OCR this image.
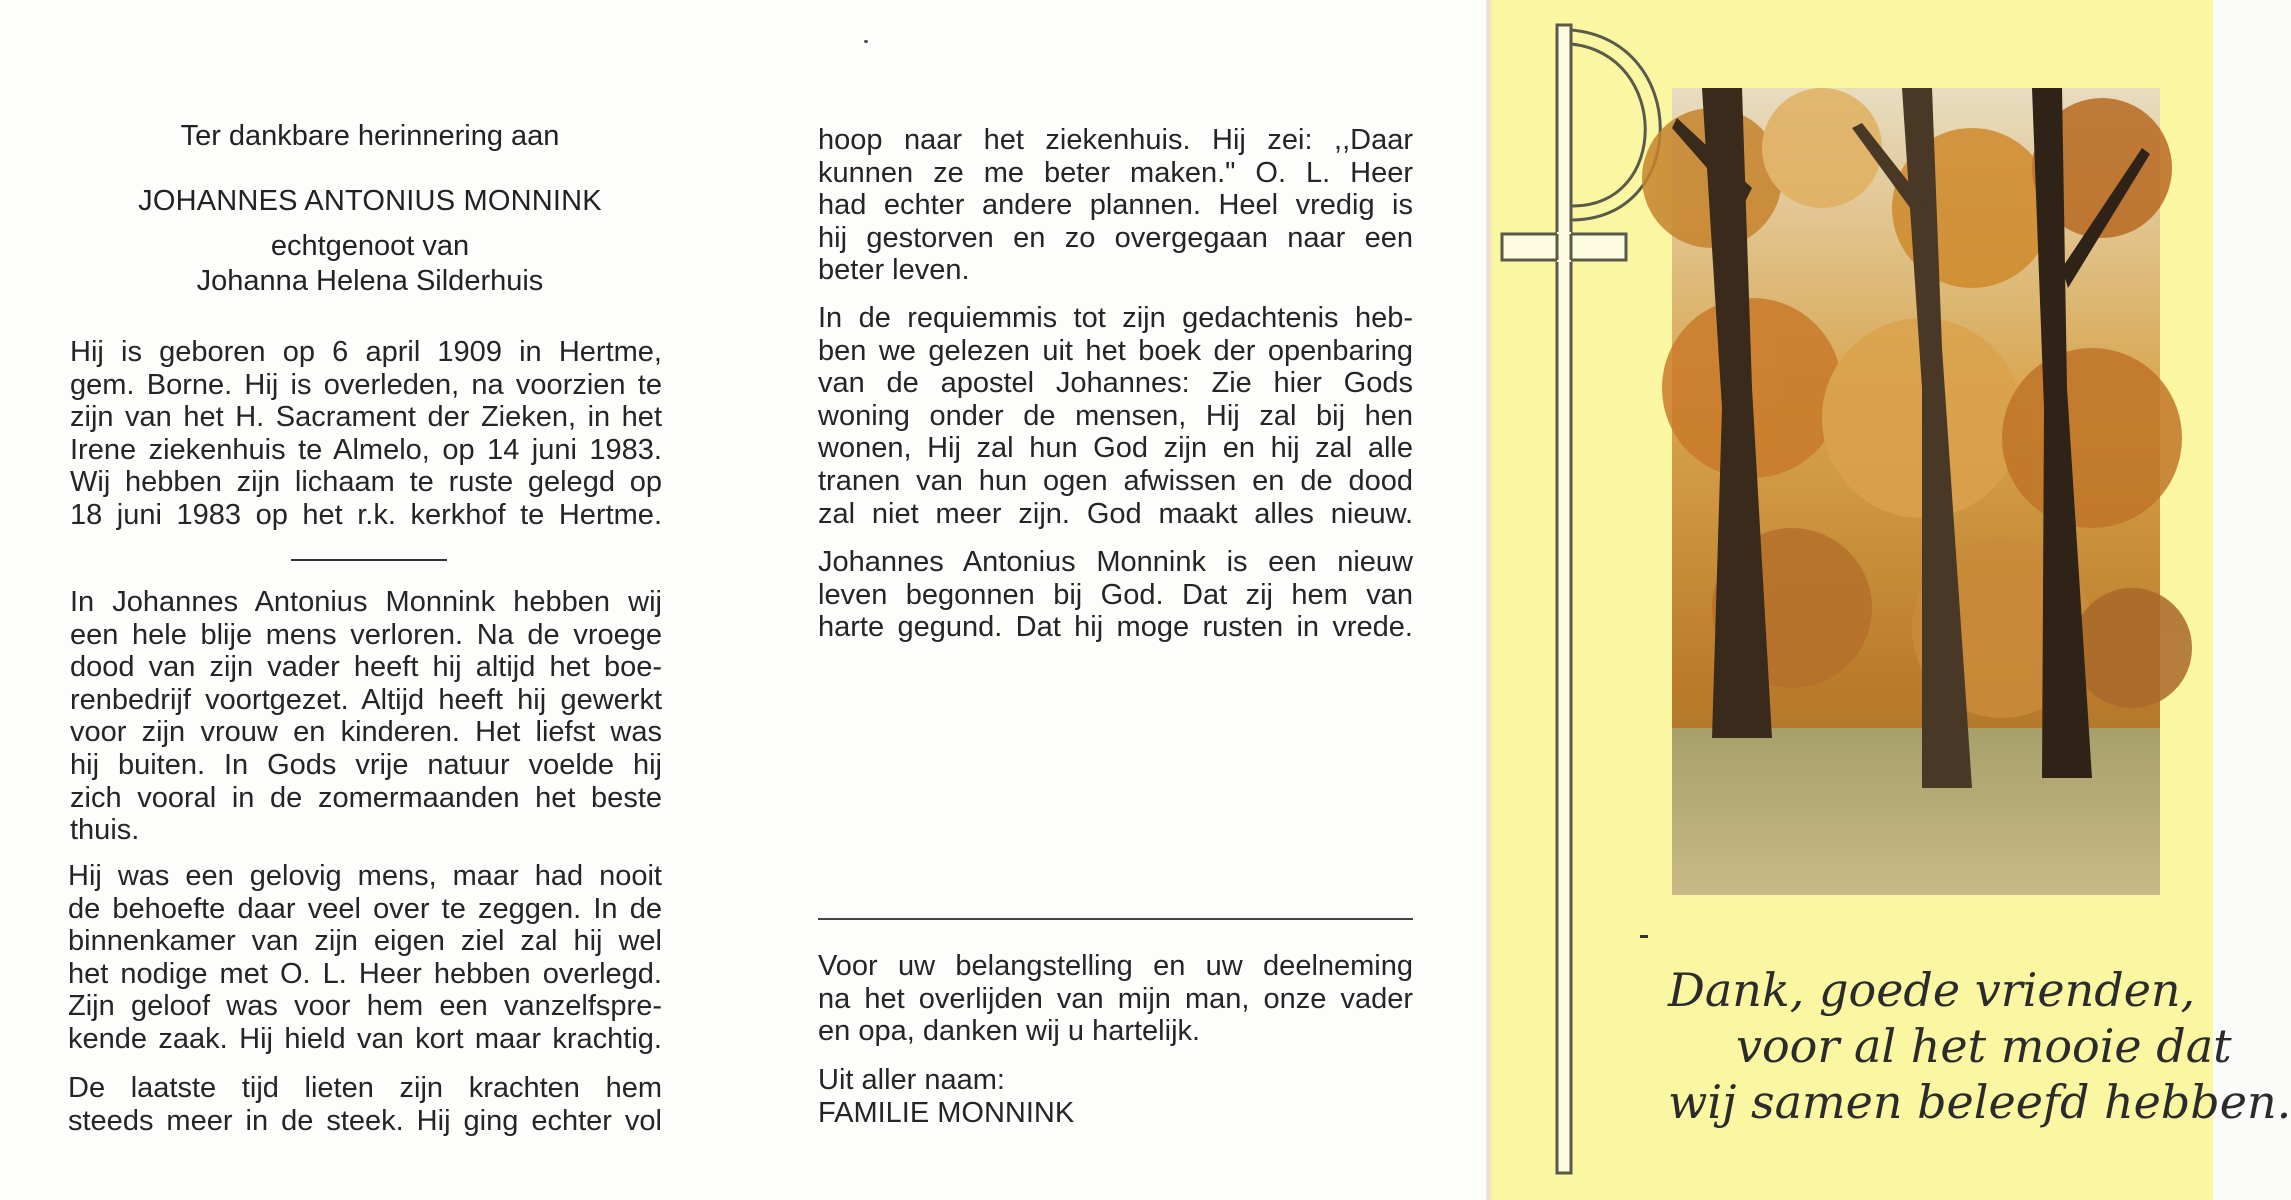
Ter dankbare herinnering aan
JOHANNES ANTONIUS MONNINK
echtgenoot van
Johanna Helena Silderhuis
Hij is geboren op 6 april 1909 in Hertme,
gem. Borne. Hij is overleden, na voorzien te
zijn van het H. Sacrament der Zieken, in het
Irene ziekenhuis te Almelo, op 14 juni 1983.
Wij hebben zijn lichaam te ruste gelegd op
18 juni 1983 op het r.k. kerkhof te Hertme.
In Johannes Antonius Monnink hebben wij
een hele blije mens verloren. Na de vroege
dood van zijn vader heeft hij altijd het boe-
renbedrijf voortgezet. Altijd heeft hij gewerkt
voor zijn vrouw en kinderen. Het liefst was
hij buiten. In Gods vrije natuur voelde hij
zich vooral in de zomermaanden het beste
thuis.
Hij was een gelovig mens, maar had nooit
de behoefte daar veel over te zeggen. In de
binnenkamer van zijn eigen ziel zal hij wel
het nodige met O. L. Heer hebben overlegd.
Zijn geloof was voor hem een vanzelfspre-
kende zaak. Hij hield van kort maar krachtig.
De laatste tijd lieten zijn krachten hem
steeds meer in de steek. Hij ging echter vol
hoop naar het ziekenhuis. Hij zei: ,,Daar
kunnen ze me beter maken." O. L. Heer
had echter andere plannen. Heel vredig is
hij gestorven en zo overgegaan naar een
beter leven.
In de requiemmis tot zijn gedachtenis heb-
ben we gelezen uit het boek der openbaring
van de apostel Johannes: Zie hier Gods
woning onder de mensen, Hij zal bij hen
wonen, Hij zal hun God zijn en hij zal alle
tranen van hun ogen afwissen en de dood
zal niet meer zijn. God maakt alles nieuw.
Johannes Antonius Monnink is een nieuw
leven begonnen bij God. Dat zij hem van
harte gegund. Dat hij moge rusten in vrede.
Voor uw belangstelling en uw deelneming
na het overlijden van mijn man, onze vader
en opa, danken wij u hartelijk.
Uit aller naam:
FAMILIE MONNINK
Dank, goede vrienden,
voor al het mooie dat
wij samen beleefd hebben.
